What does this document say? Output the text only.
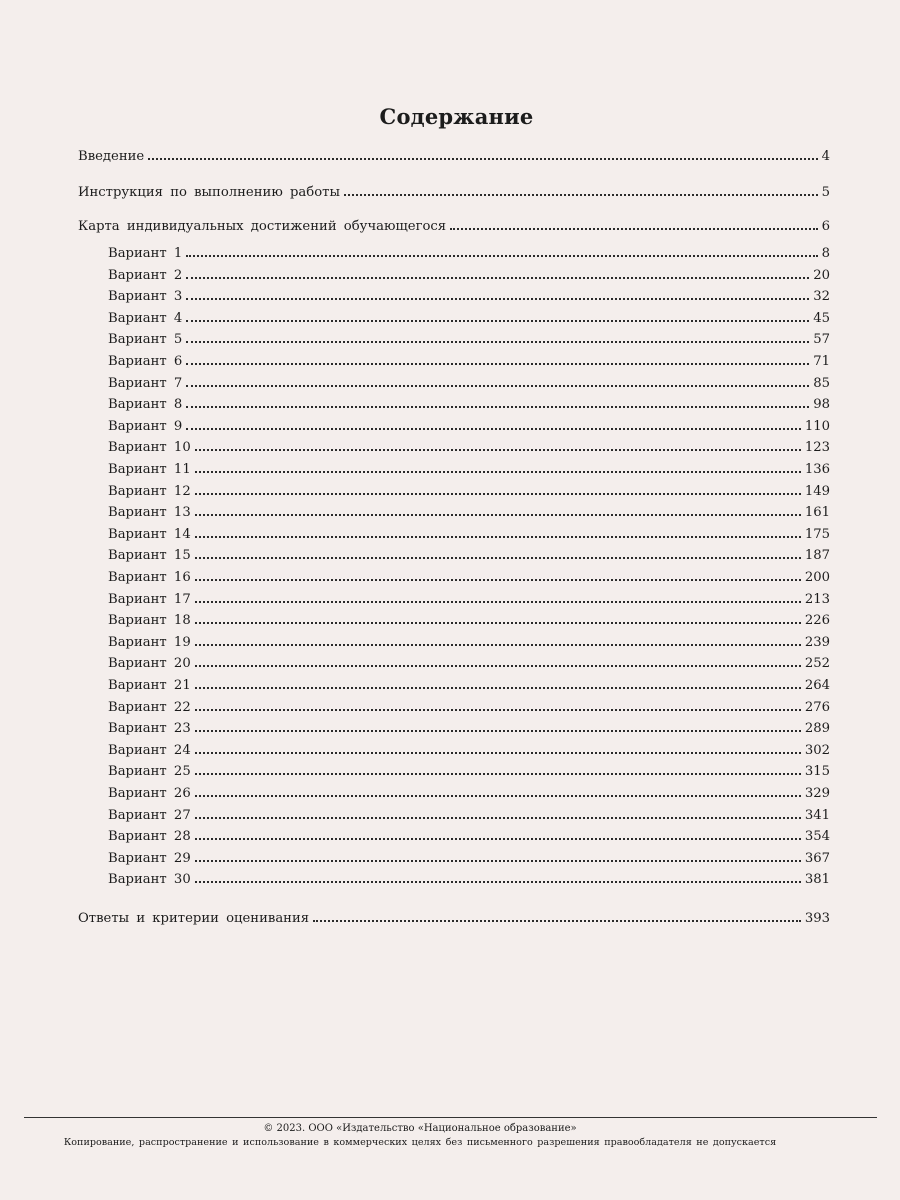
Содержание
Введение	4
Инструкция по выполнению работы	5
Карта индивидуальных достижений обучающегося	6
Вариант 1	8
Вариант 2	20
Вариант 3	32
Вариант 4	45
Вариант 5	57
Вариант 6	71
Вариант 7	85
Вариант 8	98
Вариант 9	110
Вариант 10	123
Вариант 11	136
Вариант 12	149
Вариант 13	161
Вариант 14	175
Вариант 15	187
Вариант 16	200
Вариант 17	213
Вариант 18	226
Вариант 19	239
Вариант 20	252
Вариант 21	264
Вариант 22	276
Вариант 23	289
Вариант 24	302
Вариант 25	315
Вариант 26	329
Вариант 27	341
Вариант 28	354
Вариант 29	367
Вариант 30	381
Ответы и критерии оценивания	393
© 2023. ООО «Издательство «Национальное образование»
Копирование, распространение и использование в коммерческих целях без письменного разрешения правообладателя не допускается
